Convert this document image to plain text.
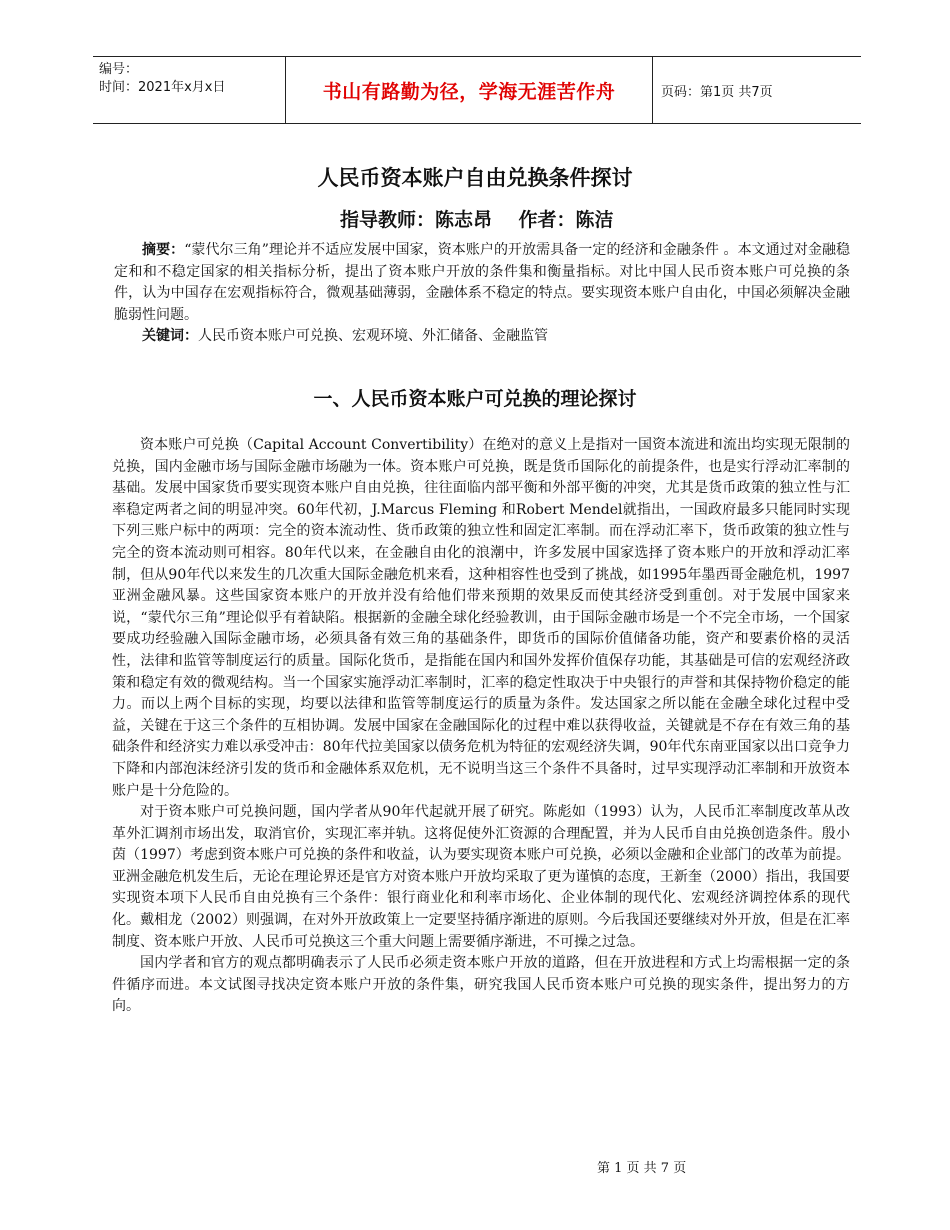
编号：
时间：2021年x月x日	书山有路勤为径，学海无涯苦作舟	页码：第1页 共7页
人民币资本账户自由兑换条件探讨
指导教师：陈志昂    作者：陈洁

摘要：“蒙代尔三角”理论并不适应发展中国家，资本账户的开放需具备一定的经济和金融条件 。本文通过对金融稳定和和不稳定国家的相关指标分析，提出了资本账户开放的条件集和衡量指标。对比中国人民币资本账户可兑换的条件，认为中国存在宏观指标符合，微观基础薄弱，金融体系不稳定的特点。要实现资本账户自由化，中国必须解决金融脆弱性问题。

关键词：人民币资本账户可兑换、宏观环境、外汇储备、金融监管

一、人民币资本账户可兑换的理论探讨

资本账户可兑换（Capital Account Convertibility）在绝对的意义上是指对一国资本流进和流出均实现无限制的兑换，国内金融市场与国际金融市场融为一体。资本账户可兑换，既是货币国际化的前提条件，也是实行浮动汇率制的基础。发展中国家货币要实现资本账户自由兑换，往往面临内部平衡和外部平衡的冲突，尤其是货币政策的独立性与汇率稳定两者之间的明显冲突。60年代初，J.Marcus Fleming 和Robert Mendel就指出，一国政府最多只能同时实现下列三账户标中的两项：完全的资本流动性、货币政策的独立性和固定汇率制。而在浮动汇率下，货币政策的独立性与完全的资本流动则可相容。80年代以来，在金融自由化的浪潮中，许多发展中国家选择了资本账户的开放和浮动汇率制，但从90年代以来发生的几次重大国际金融危机来看，这种相容性也受到了挑战，如1995年墨西哥金融危机，1997亚洲金融风暴。这些国家资本账户的开放并没有给他们带来预期的效果反而使其经济受到重创。对于发展中国家来说，“蒙代尔三角”理论似乎有着缺陷。根据新的金融全球化经验教训，由于国际金融市场是一个不完全市场，一个国家要成功经验融入国际金融市场，必须具备有效三角的基础条件，即货币的国际价值储备功能，资产和要素价格的灵活性，法律和监管等制度运行的质量。国际化货币，是指能在国内和国外发挥价值保存功能，其基础是可信的宏观经济政策和稳定有效的微观结构。当一个国家实施浮动汇率制时，汇率的稳定性取决于中央银行的声誉和其保持物价稳定的能力。而以上两个目标的实现，均要以法律和监管等制度运行的质量为条件。发达国家之所以能在金融全球化过程中受益，关键在于这三个条件的互相协调。发展中国家在金融国际化的过程中难以获得收益，关键就是不存在有效三角的基础条件和经济实力难以承受冲击：80年代拉美国家以债务危机为特征的宏观经济失调，90年代东南亚国家以出口竞争力下降和内部泡沫经济引发的货币和金融体系双危机，无不说明当这三个条件不具备时，过早实现浮动汇率制和开放资本账户是十分危险的。

对于资本账户可兑换问题，国内学者从90年代起就开展了研究。陈彪如（1993）认为，人民币汇率制度改革从改革外汇调剂市场出发，取消官价，实现汇率并轨。这将促使外汇资源的合理配置，并为人民币自由兑换创造条件。殷小茵（1997）考虑到资本账户可兑换的条件和收益，认为要实现资本账户可兑换，必须以金融和企业部门的改革为前提。亚洲金融危机发生后，无论在理论界还是官方对资本账户开放均采取了更为谨慎的态度，王新奎（2000）指出，我国要实现资本项下人民币自由兑换有三个条件：银行商业化和利率市场化、企业体制的现代化、宏观经济调控体系的现代化。戴相龙（2002）则强调，在对外开放政策上一定要坚持循序渐进的原则。今后我国还要继续对外开放，但是在汇率制度、资本账户开放、人民币可兑换这三个重大问题上需要循序渐进，不可操之过急。

国内学者和官方的观点都明确表示了人民币必须走资本账户开放的道路，但在开放进程和方式上均需根据一定的条件循序而进。本文试图寻找决定资本账户开放的条件集，研究我国人民币资本账户可兑换的现实条件，提出努力的方向。

第 1 页 共 7 页
